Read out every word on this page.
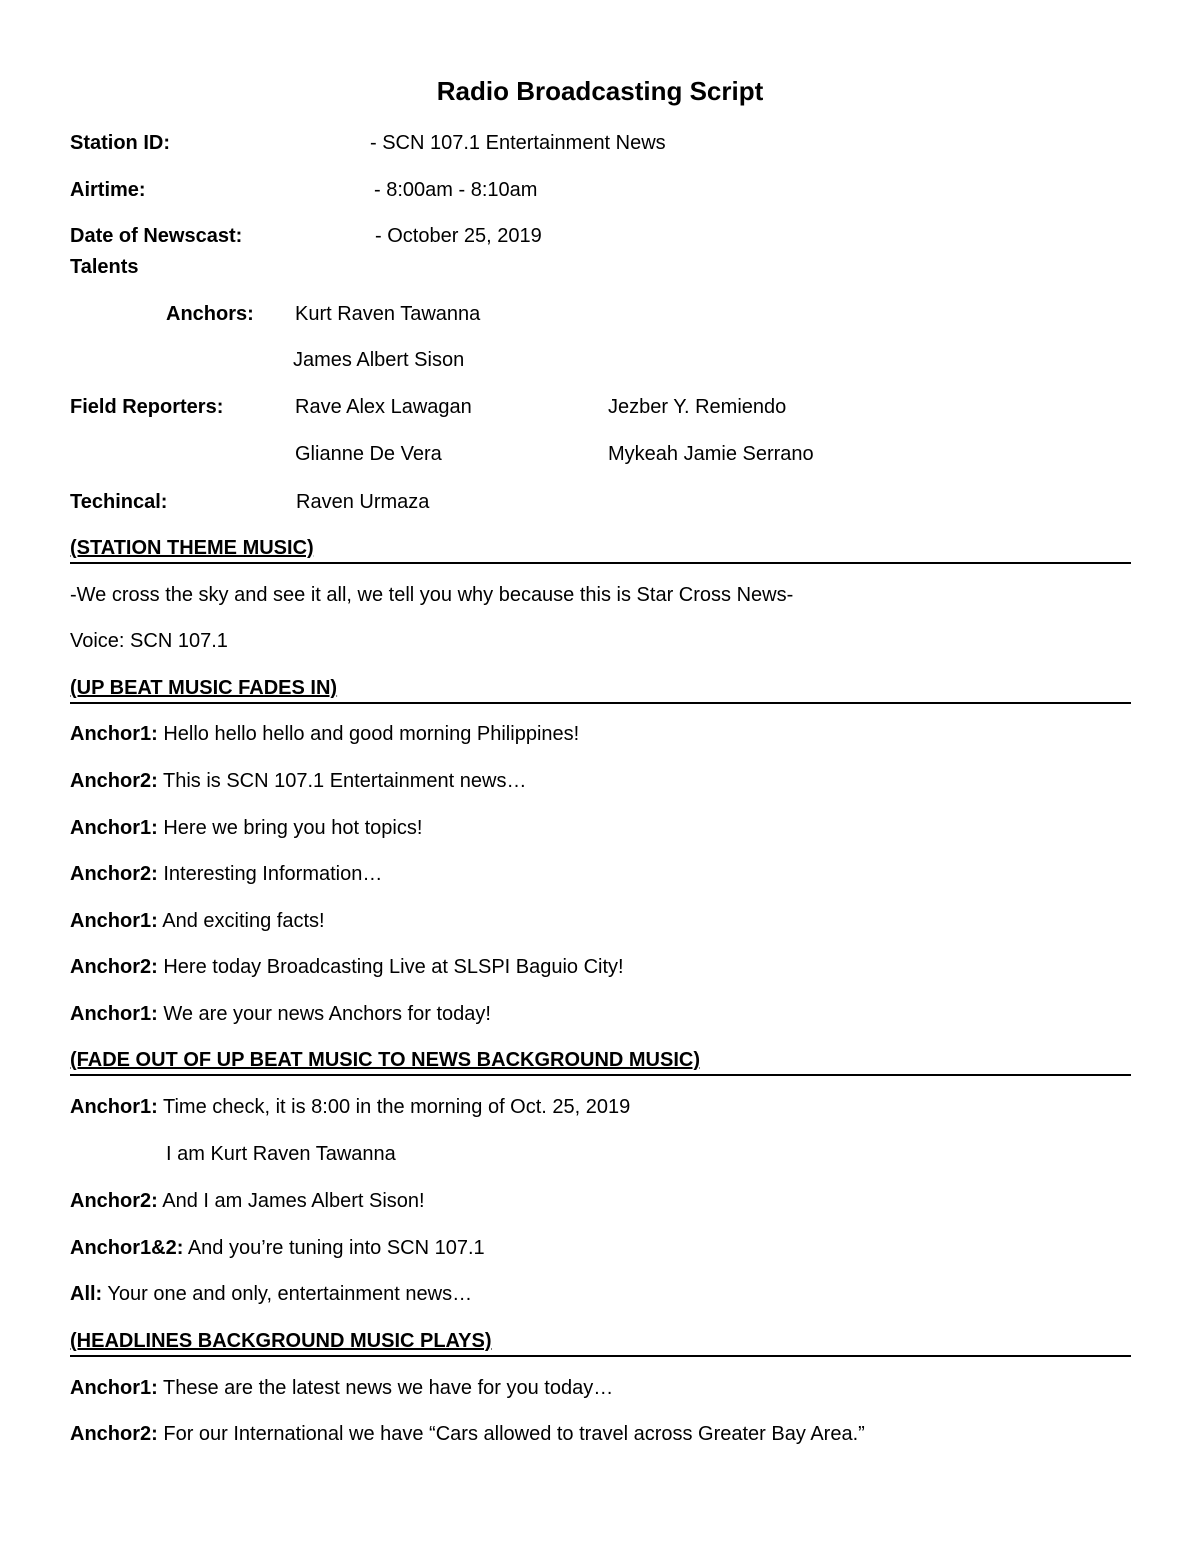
Radio Broadcasting Script
Station ID:	- SCN 107.1 Entertainment News
Airtime:	- 8:00am - 8:10am
Date of Newscast:	- October 25, 2019
Talents
Anchors: Kurt Raven Tawanna
James Albert Sison
Field Reporters:	Rave Alex Lawagan	Jezber Y. Remiendo
Glianne De Vera	Mykeah Jamie Serrano
Techincal:	Raven Urmaza
(STATION THEME MUSIC)
-We cross the sky and see it all, we tell you why because this is Star Cross News-
Voice: SCN 107.1
(UP BEAT MUSIC FADES IN)
Anchor1: Hello hello hello and good morning Philippines!
Anchor2: This is SCN 107.1 Entertainment news…
Anchor1: Here we bring you hot topics!
Anchor2: Interesting Information…
Anchor1: And exciting facts!
Anchor2: Here today Broadcasting Live at SLSPI Baguio City!
Anchor1: We are your news Anchors for today!
(FADE OUT OF UP BEAT MUSIC TO NEWS BACKGROUND MUSIC)
Anchor1: Time check, it is 8:00 in the morning of Oct. 25, 2019
I am Kurt Raven Tawanna
Anchor2: And I am James Albert Sison!
Anchor1&2: And you’re tuning into SCN 107.1
All: Your one and only, entertainment news…
(HEADLINES BACKGROUND MUSIC PLAYS)
Anchor1: These are the latest news we have for you today…
Anchor2: For our International we have “Cars allowed to travel across Greater Bay Area.”
